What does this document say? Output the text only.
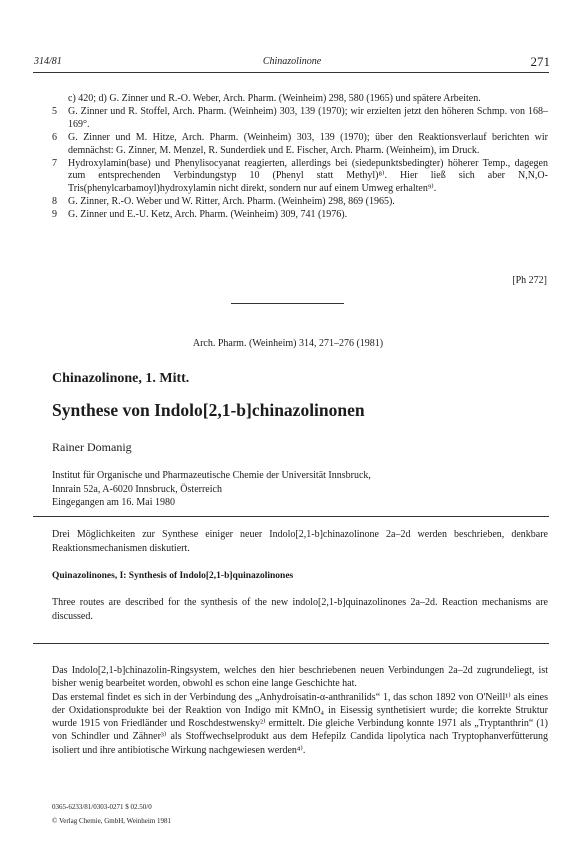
314/81	Chinazolinone	271
c) 420; d) G. Zinner und R.-O. Weber, Arch. Pharm. (Weinheim) 298, 580 (1965) und spätere Arbeiten.
5 G. Zinner und R. Stoffel, Arch. Pharm. (Weinheim) 303, 139 (1970); wir erzielten jetzt den höheren Schmp. von 168–169°.
6 G. Zinner und M. Hitze, Arch. Pharm. (Weinheim) 303, 139 (1970); über den Reaktionsverlauf berichten wir demnächst: G. Zinner, M. Menzel, R. Sunderdiek und E. Fischer, Arch. Pharm. (Weinheim), im Druck.
7 Hydroxylamin(base) und Phenylisocyanat reagierten, allerdings bei (siedepunktsbedingter) höherer Temp., dagegen zum entsprechenden Verbindungstyp 10 (Phenyl statt Methyl)⁸⁾. Hier ließ sich aber N,N,O-Tris(phenylcarbamoyl)hydroxylamin nicht direkt, sondern nur auf einem Umweg erhalten⁹⁾.
8 G. Zinner, R.-O. Weber und W. Ritter, Arch. Pharm. (Weinheim) 298, 869 (1965).
9 G. Zinner und E.-U. Ketz, Arch. Pharm. (Weinheim) 309, 741 (1976).
[Ph 272]
Arch. Pharm. (Weinheim) 314, 271–276 (1981)
Chinazolinone, 1. Mitt.
Synthese von Indolo[2,1-b]chinazolinonen
Rainer Domanig
Institut für Organische und Pharmazeutische Chemie der Universität Innsbruck,
Innrain 52a, A-6020 Innsbruck, Österreich
Eingegangen am 16. Mai 1980
Drei Möglichkeiten zur Synthese einiger neuer Indolo[2,1-b]chinazolinone 2a–2d werden beschrieben, denkbare Reaktionsmechanismen diskutiert.
Quinazolinones, I: Synthesis of Indolo[2,1-b]quinazolinones
Three routes are described for the synthesis of the new indolo[2,1-b]quinazolinones 2a–2d. Reaction mechanisms are discussed.

Das Indolo[2,1-b]chinazolin-Ringsystem, welches den hier beschriebenen neuen Verbindungen 2a–2d zugrundeliegt, ist bisher wenig bearbeitet worden, obwohl es schon eine lange Geschichte hat.

Das erstemal findet es sich in der Verbindung des „Anhydroisatin-α-anthranilids“ 1, das schon 1892 von O'Neill¹⁾ als eines der Oxidationsprodukte bei der Reaktion von Indigo mit KMnO₄ in Eisessig synthetisiert wurde; die korrekte Struktur wurde 1915 von Friedländer und Roschdestwensky²⁾ ermittelt. Die gleiche Verbindung konnte 1971 als „Tryptanthrin“ (1) von Schindler und Zähner³⁾ als Stoffwechselprodukt aus dem Hefepilz Candida lipolytica nach Tryptophanverfütterung isoliert und ihre antibiotische Wirkung nachgewiesen werden⁴⁾.

0365-6233/81/0303-0271 $ 02.50/0
© Verlag Chemie, GmbH, Weinheim 1981
